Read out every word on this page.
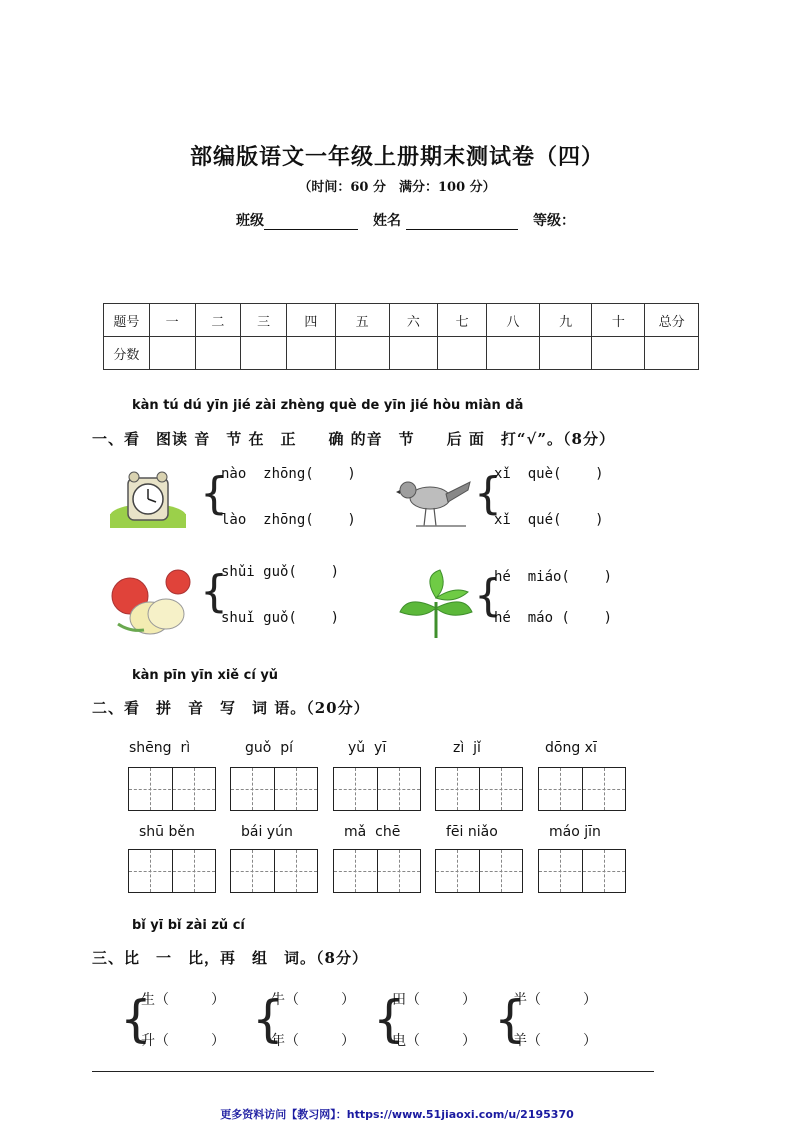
部编版语文一年级上册期末测试卷（四）
（时间：60 分　满分：100 分）
班级	姓名	等级：
题号	一	二	三	四	五	六	七	八	九	十	总分
分数											
kàn tú dú yīn jié zài zhèng què de yīn jié hòu miàn dǎ
一、看　图读 音　节 在　正　　确 的音　节　　后 面　打“√”。（8分）
{
nào  zhōng(    )
lào  zhōng(    )
{
xǐ  què(    )
xǐ  qué(    )
{
shǔi guǒ(    )
shuǐ guǒ(    )	{
hé  miáo(    )
hé  máo (    )
kàn pīn yīn xiě cí yǔ
二、看　拼　音　写　词 语。（20分）
shēng  rì	guǒ  pí	yǔ  yī	zì  jǐ	dōng xī
shū běn	bái yún	mǎ  chē	fēi niǎo	máo jīn
bǐ yī bǐ zài zǔ cí
三、比　一　比，再　组　词。（8分）
{
生（　　　）
升（　　　） {
牛（　　　）
年（　　　） {
田（　　　）
电（　　　） {
半（　　　）
羊（　　　）
更多资料访问【教习网】：https://www.51jiaoxi.com/u/2195370
